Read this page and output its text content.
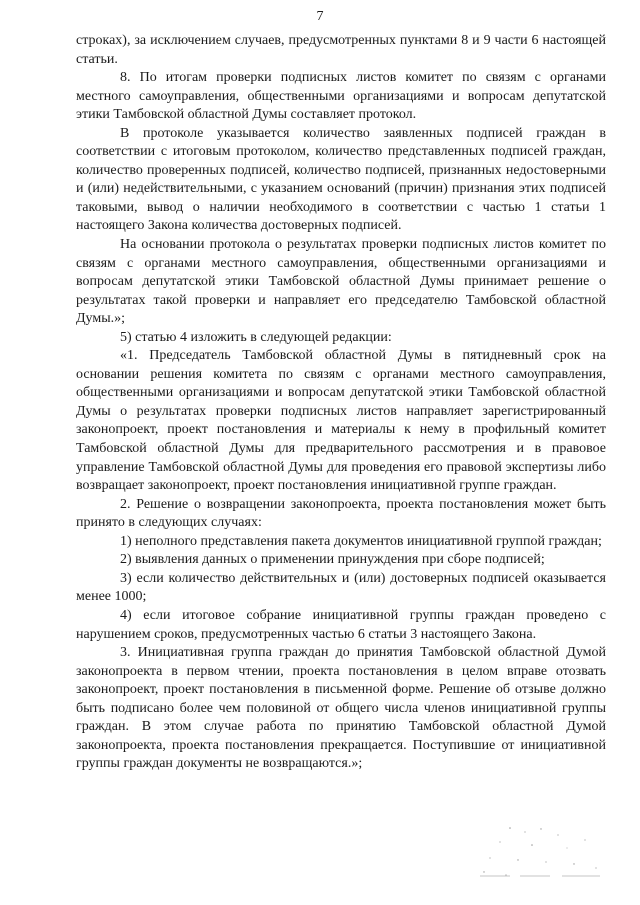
7

строках), за исключением случаев, предусмотренных пунктами 8 и 9 части 6 настоящей статьи.

8. По итогам проверки подписных листов комитет по связям с органами местного самоуправления, общественными организациями и вопросам депутатской этики Тамбовской областной Думы составляет протокол.

В протоколе указывается количество заявленных подписей граждан в соответствии с итоговым протоколом, количество представленных подписей граждан, количество проверенных подписей, количество подписей, признанных недостоверными и (или) недействительными, с указанием оснований (причин) признания этих подписей таковыми, вывод о наличии необходимого в соответствии с частью 1 статьи 1 настоящего Закона количества достоверных подписей.

На основании протокола о результатах проверки подписных листов комитет по связям с органами местного самоуправления, общественными организациями и вопросам депутатской этики Тамбовской областной Думы принимает решение о результатах такой проверки и направляет его председателю Тамбовской областной Думы.»;

5) статью 4 изложить в следующей редакции:

«1. Председатель Тамбовской областной Думы в пятидневный срок на основании решения комитета по связям с органами местного самоуправления, общественными организациями и вопросам депутатской этики Тамбовской областной Думы о результатах проверки подписных листов направляет зарегистрированный законопроект, проект постановления и материалы к нему в профильный комитет Тамбовской областной Думы для предварительного рассмотрения и в правовое управление Тамбовской областной Думы для проведения его правовой экспертизы либо возвращает законопроект, проект постановления инициативной группе граждан.

2. Решение о возвращении законопроекта, проекта постановления может быть принято в следующих случаях:

1) неполного представления пакета документов инициативной группой граждан;

2) выявления данных о применении принуждения при сборе подписей;

3) если количество действительных и (или) достоверных подписей оказывается менее 1000;

4) если итоговое собрание инициативной группы граждан проведено с нарушением сроков, предусмотренных частью 6 статьи 3 настоящего Закона.

3. Инициативная группа граждан до принятия Тамбовской областной Думой законопроекта в первом чтении, проекта постановления в целом вправе отозвать законопроект, проект постановления в письменной форме. Решение об отзыве должно быть подписано более чем половиной от общего числа членов инициативной группы граждан. В этом случае работа по принятию Тамбовской областной Думой законопроекта, проекта постановления прекращается. Поступившие от инициативной группы граждан документы не возвращаются.»;
